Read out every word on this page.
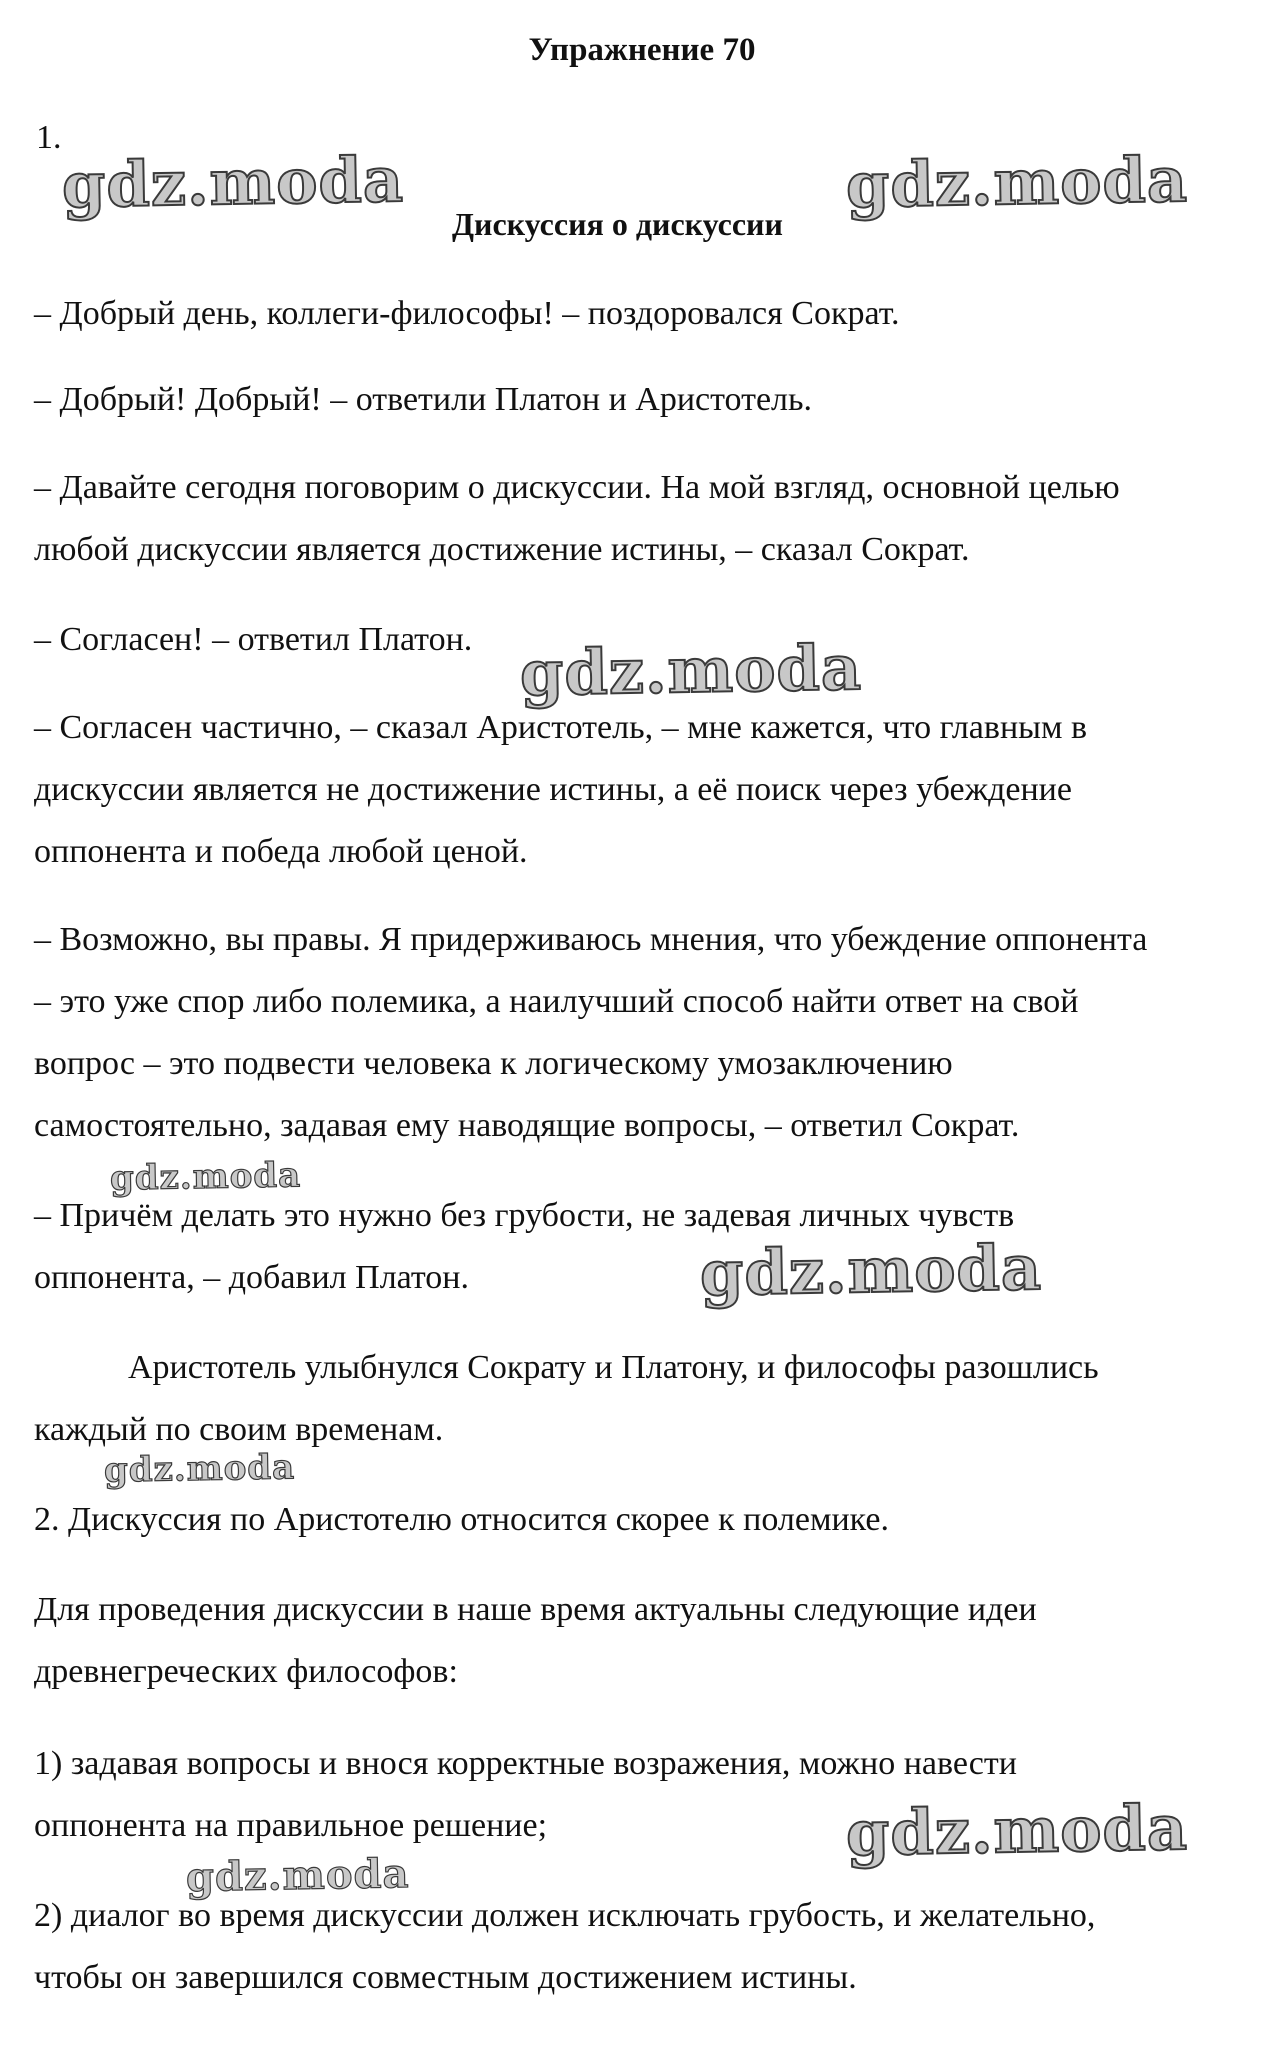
Упражнение 70
1.
Дискуссия о дискуссии
– Добрый день, коллеги-философы! – поздоровался Сократ.
– Добрый! Добрый! – ответили Платон и Аристотель.
– Давайте сегодня поговорим о дискуссии. На мой взгляд, основной целью
любой дискуссии является достижение истины, – сказал Сократ.
– Согласен! – ответил Платон.
– Согласен частично, – сказал Аристотель, – мне кажется, что главным в
дискуссии является не достижение истины, а её поиск через убеждение
оппонента и победа любой ценой.
– Возможно, вы правы. Я придерживаюсь мнения, что убеждение оппонента
– это уже спор либо полемика, а наилучший способ найти ответ на свой
вопрос – это подвести человека к логическому умозаключению
самостоятельно, задавая ему наводящие вопросы, – ответил Сократ.
– Причём делать это нужно без грубости, не задевая личных чувств
оппонента, – добавил Платон.
Аристотель улыбнулся Сократу и Платону, и философы разошлись
каждый по своим временам.
2. Дискуссия по Аристотелю относится скорее к полемике.
Для проведения дискуссии в наше время актуальны следующие идеи
древнегреческих философов:
1) задавая вопросы и внося корректные возражения, можно навести
оппонента на правильное решение;
2) диалог во время дискуссии должен исключать грубость, и желательно,
чтобы он завершился совместным достижением истины.
gdz.moda	gdz.moda
gdz.moda
gdz.moda
gdz.moda
gdz.moda
gdz.moda
gdz.moda
